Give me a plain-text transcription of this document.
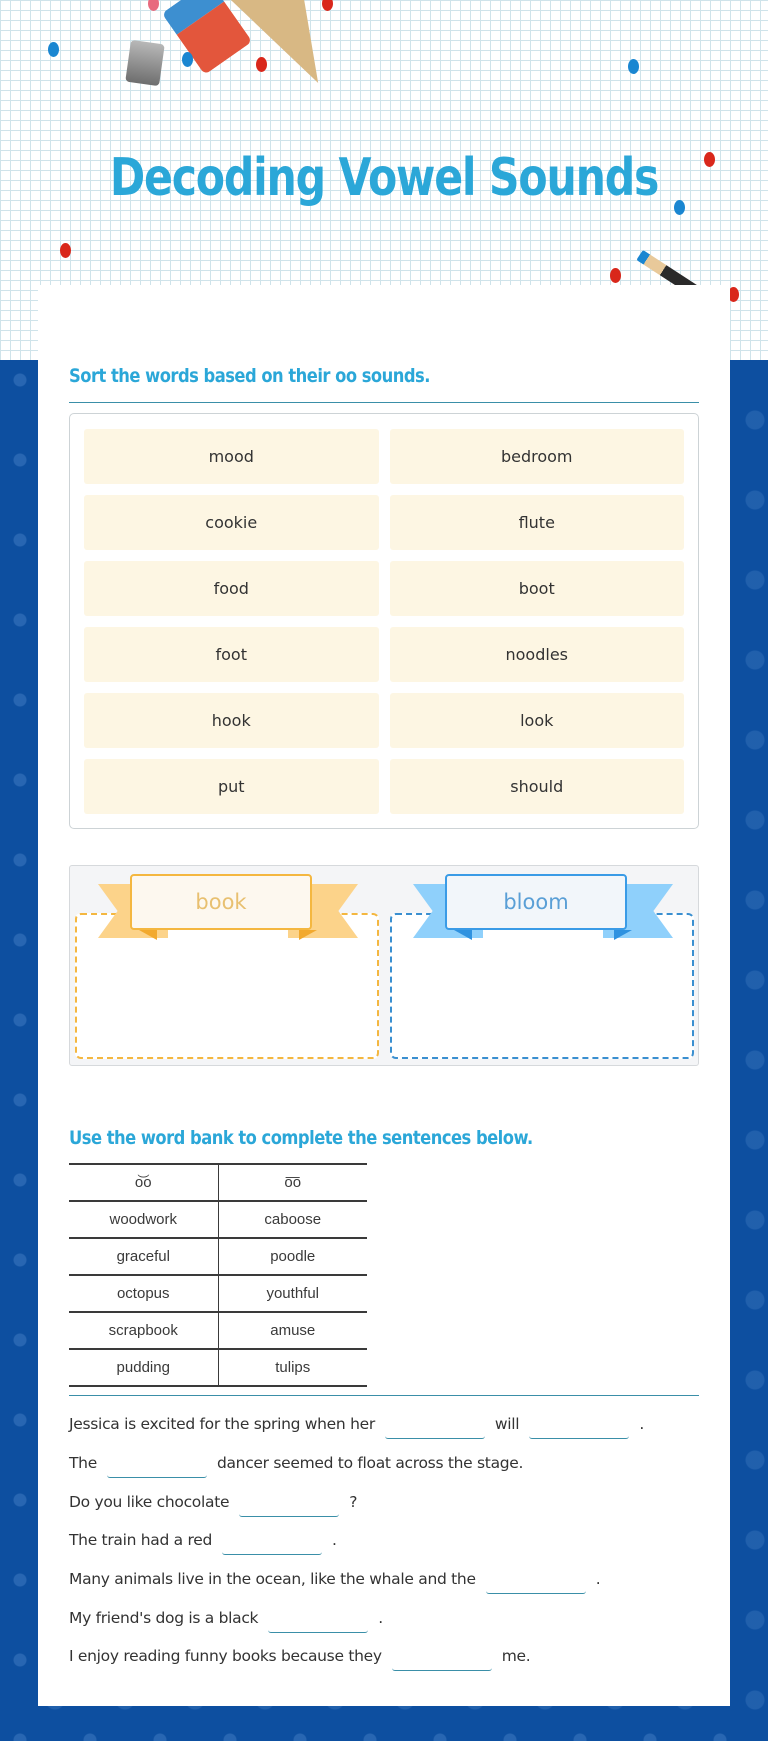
Decoding Vowel Sounds
Sort the words based on their oo sounds.
mood	bedroom
cookie	flute
food	boot
foot	noodles
hook	look
put	should
book	bloom
Use the word bank to complete the sentences below.
o͝o	o͞o
woodwork	caboose
graceful	poodle
octopus	youthful
scrapbook	amuse
pudding	tulips
Jessica is excited for the spring when her	will	.
The	dancer seemed to float across the stage.
Do you like chocolate	?
The train had a red	.
Many animals live in the ocean, like the whale and the	.
My friend's dog is a black	.
I enjoy reading funny books because they	me.
